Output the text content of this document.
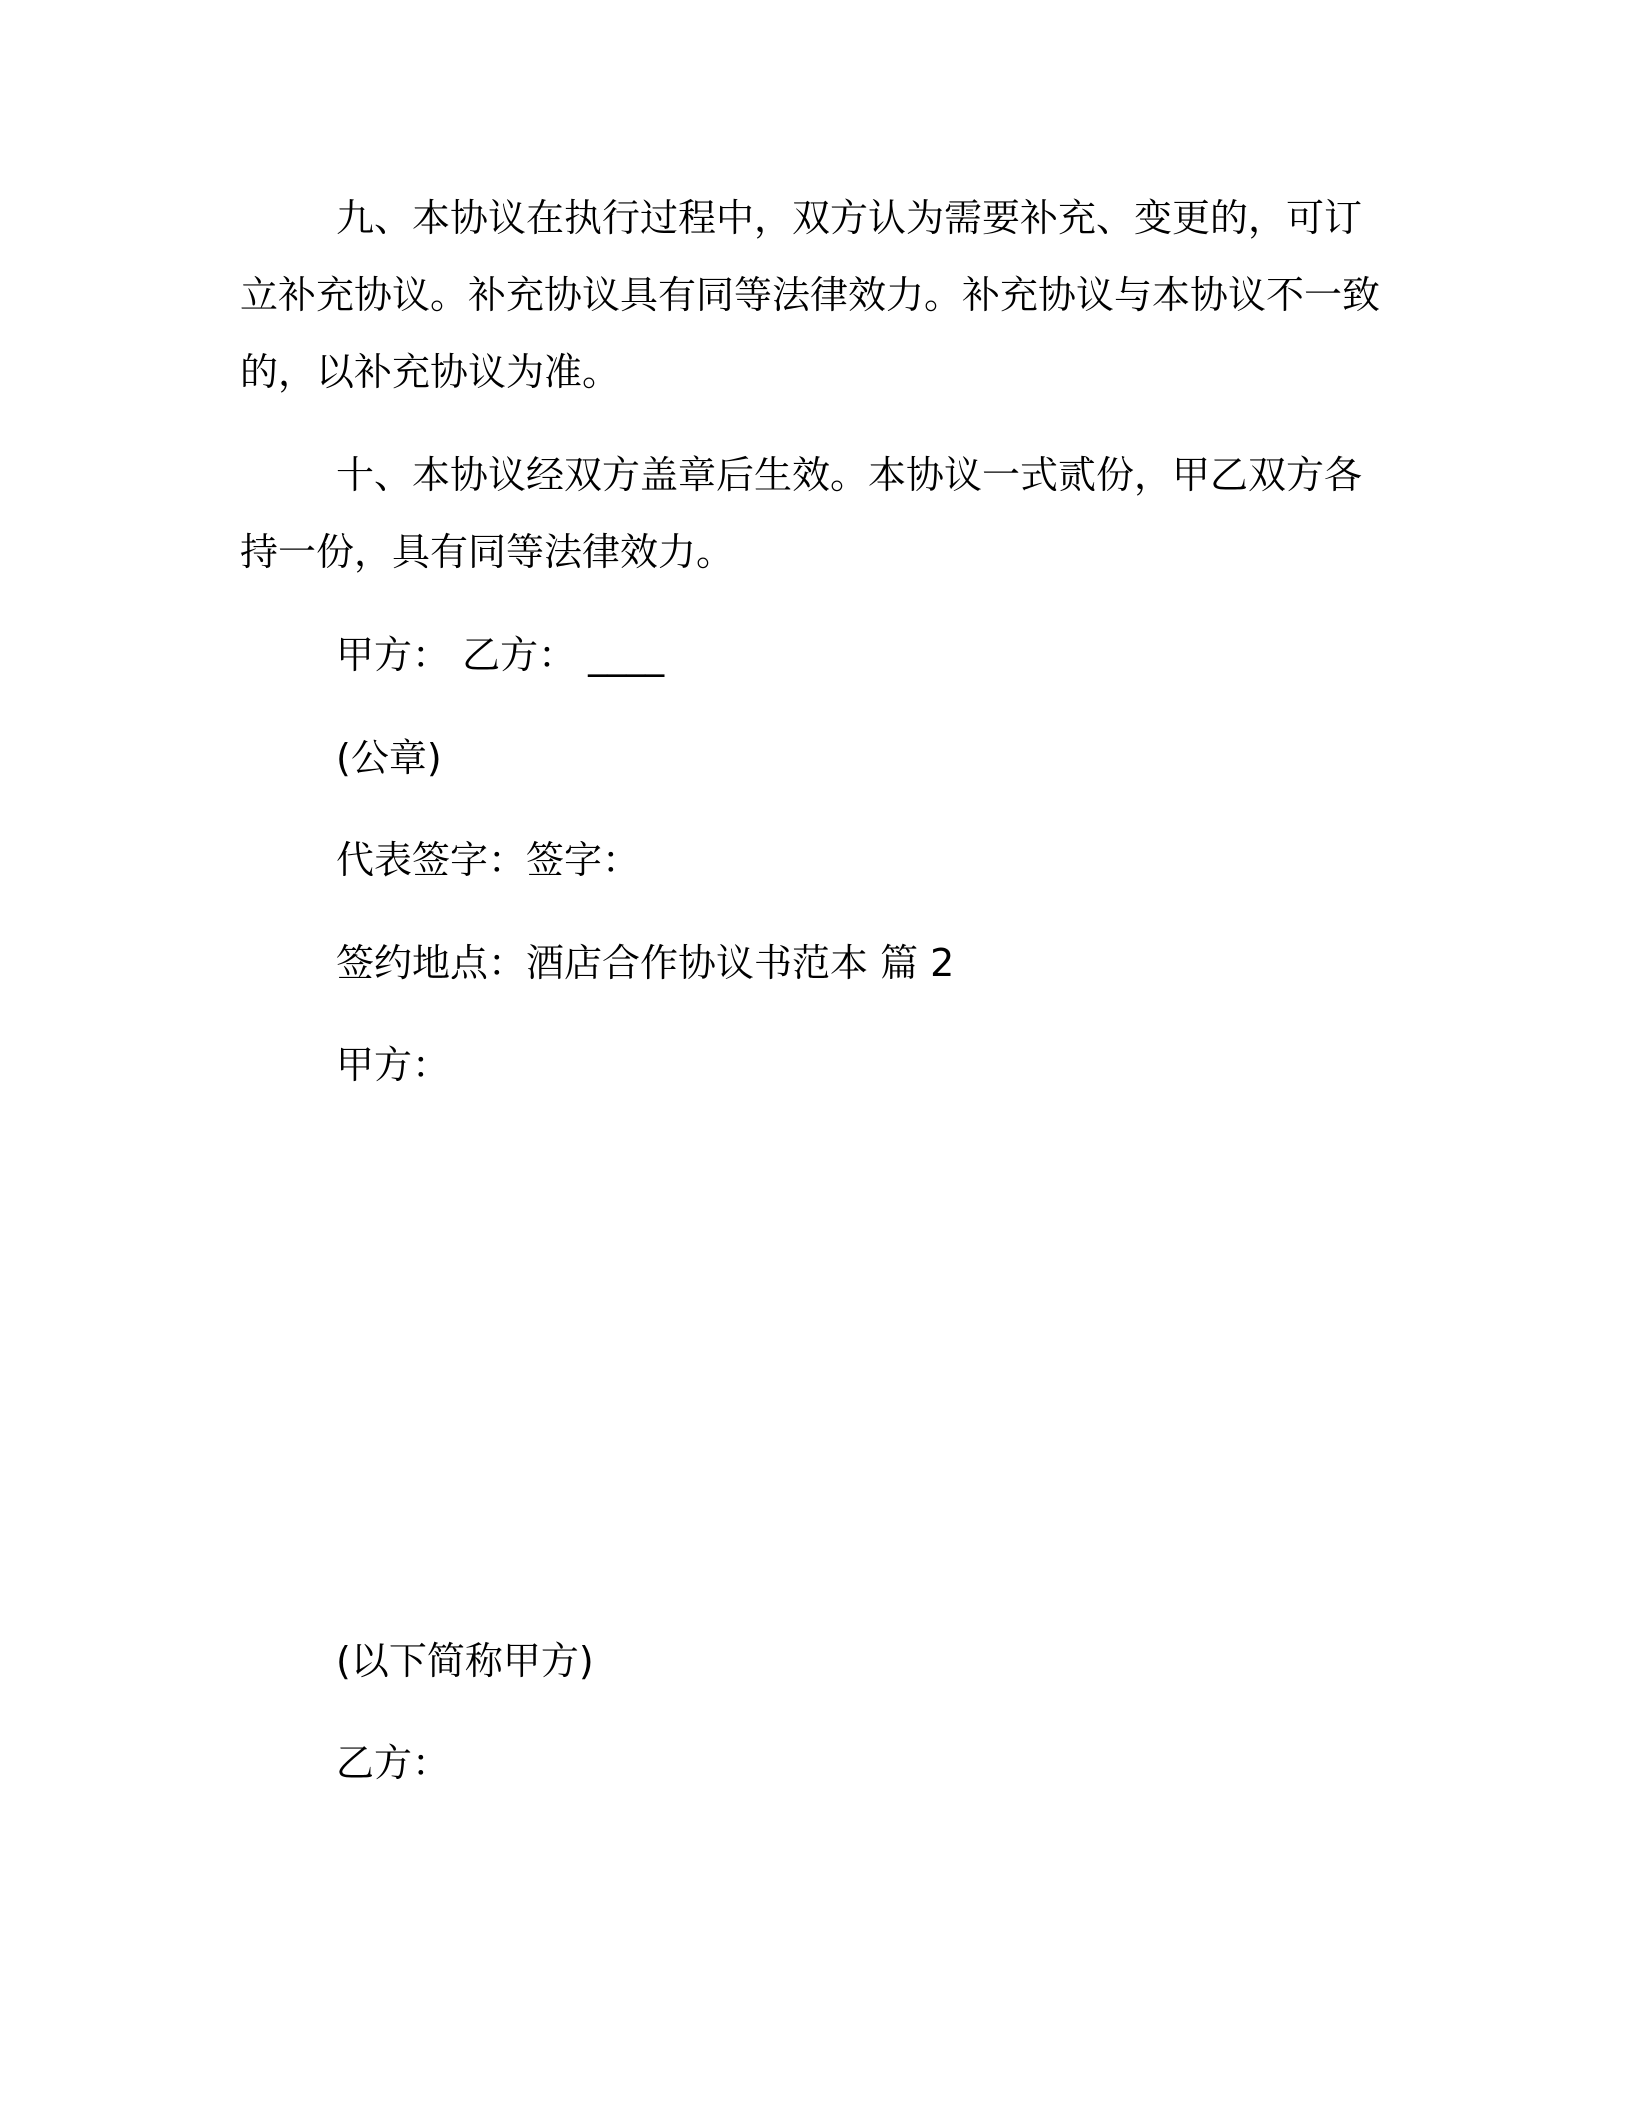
九、本协议在执行过程中，双方认为需要补充、变更的，可订立补充协议。补充协议具有同等法律效力。补充协议与本协议不一致的，以补充协议为准。

十、本协议经双方盖章后生效。本协议一式贰份，甲乙双方各持一份，具有同等法律效力。

甲方： 乙方： ____

(公章)

代表签字：签字：

签约地点：酒店合作协议书范本 篇 2

甲方：

(以下简称甲方)

乙方：
